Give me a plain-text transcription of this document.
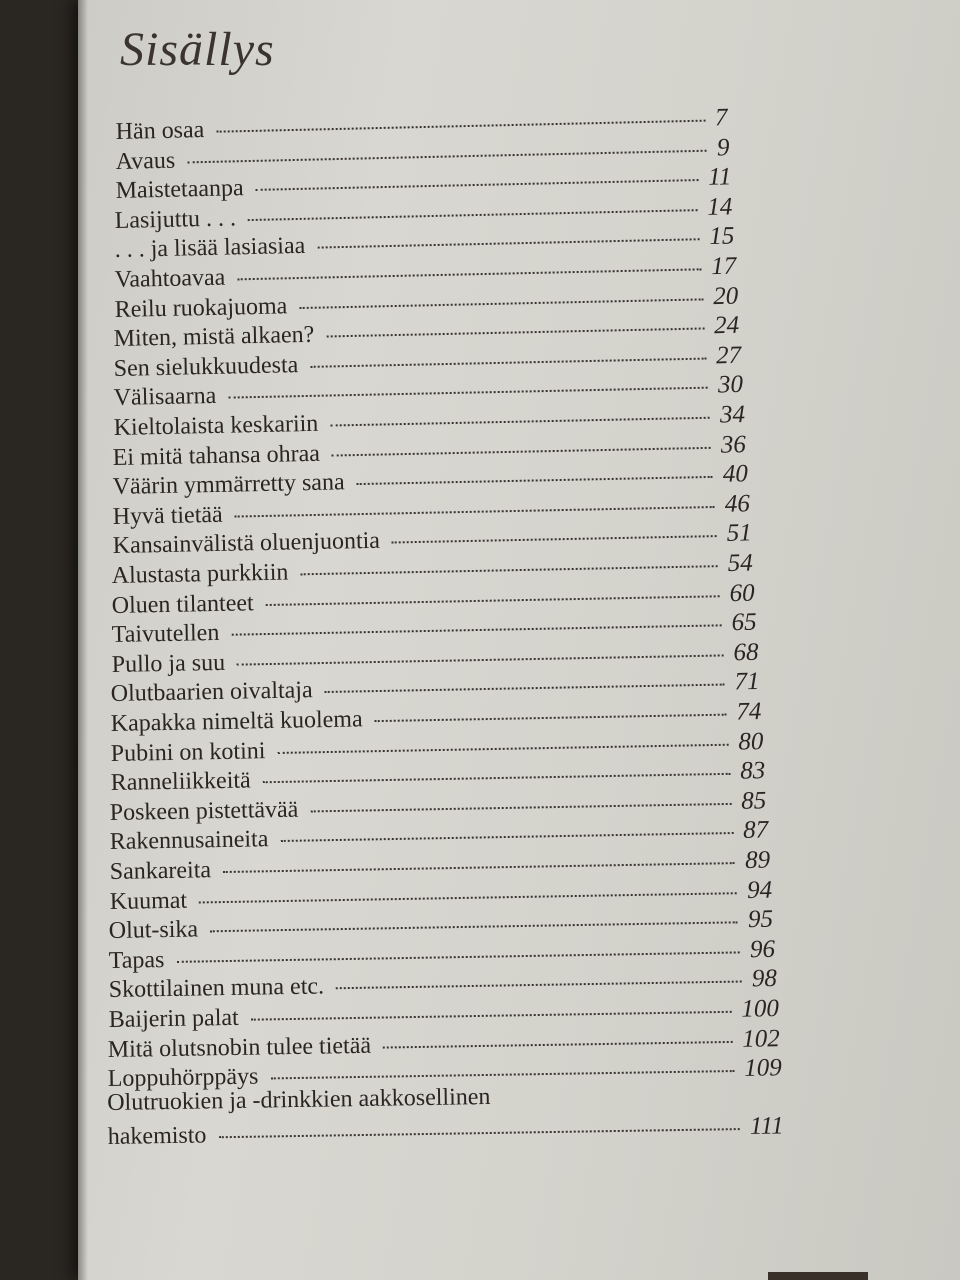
Sisällys
Hän osaa	7
Avaus	9
Maistetaanpa	11
Lasijuttu . . .	14
. . . ja lisää lasiasiaa	15
Vaahtoavaa	17
Reilu ruokajuoma	20
Miten, mistä alkaen?	24
Sen sielukkuudesta	27
Välisaarna	30
Kieltolaista keskariin	34
Ei mitä tahansa ohraa	36
Väärin ymmärretty sana	40
Hyvä tietää	46
Kansainvälistä oluenjuontia	51
Alustasta purkkiin	54
Oluen tilanteet	60
Taivutellen	65
Pullo ja suu	68
Olutbaarien oivaltaja	71
Kapakka nimeltä kuolema	74
Pubini on kotini	80
Ranneliikkeitä	83
Poskeen pistettävää	85
Rakennusaineita	87
Sankareita	89
Kuumat	94
Olut-sika	95
Tapas	96
Skottilainen muna etc.	98
Baijerin palat	100
Mitä olutsnobin tulee tietää	102
Loppuhörppäys	109
Olutruokien ja -drinkkien aakkosellinen
hakemisto	111
